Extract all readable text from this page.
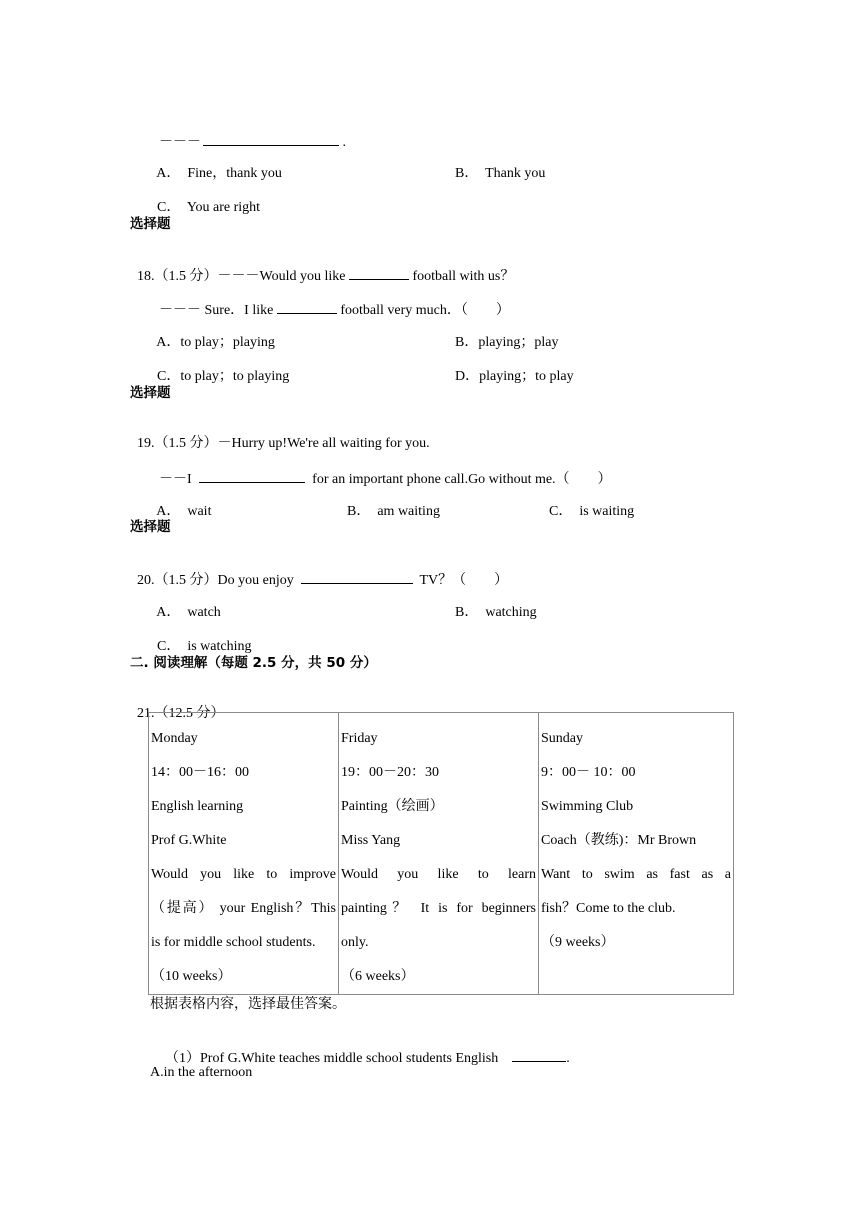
－－－	.

A． Fine，thank you	B． Thank you

C． You are right

选择题

18.（1.5 分）－－－Would you like	football with us？

－－－ Sure．I like	football very much．（　　）

A．to play；playing	B．playing；play

C．to play；to playing	D．playing；to play

选择题

19.（1.5 分）－Hurry up!We're all waiting for you.

－－I	for an important phone call.Go without me.（　　）

A． wait	B． am waiting	C． is waiting

选择题

20.（1.5 分）Do you enjoy	TV？（　　）

A． watch	B． watching

C． is watching

二. 阅读理解（每题 2.5 分，共 50 分）

21.（12.5 分）

Monday
14：00－16：00
English learning
Prof G.White
Would you like to improve
（提高） your English？This
is for middle school students.
（10 weeks）

Friday
19：00－20：30
Painting（绘画）
Miss Yang
Would you like to learn
painting？ It is for beginners
only.
（6 weeks）

Sunday
9：00－ 10：00
Swimming Club
Coach（教练)：Mr Brown
Want to swim as fast as a
fish？Come to the club.
（9 weeks）
根据表格内容，选择最佳答案。

（1）Prof G.White teaches middle school students English	.

A.in the afternoon
